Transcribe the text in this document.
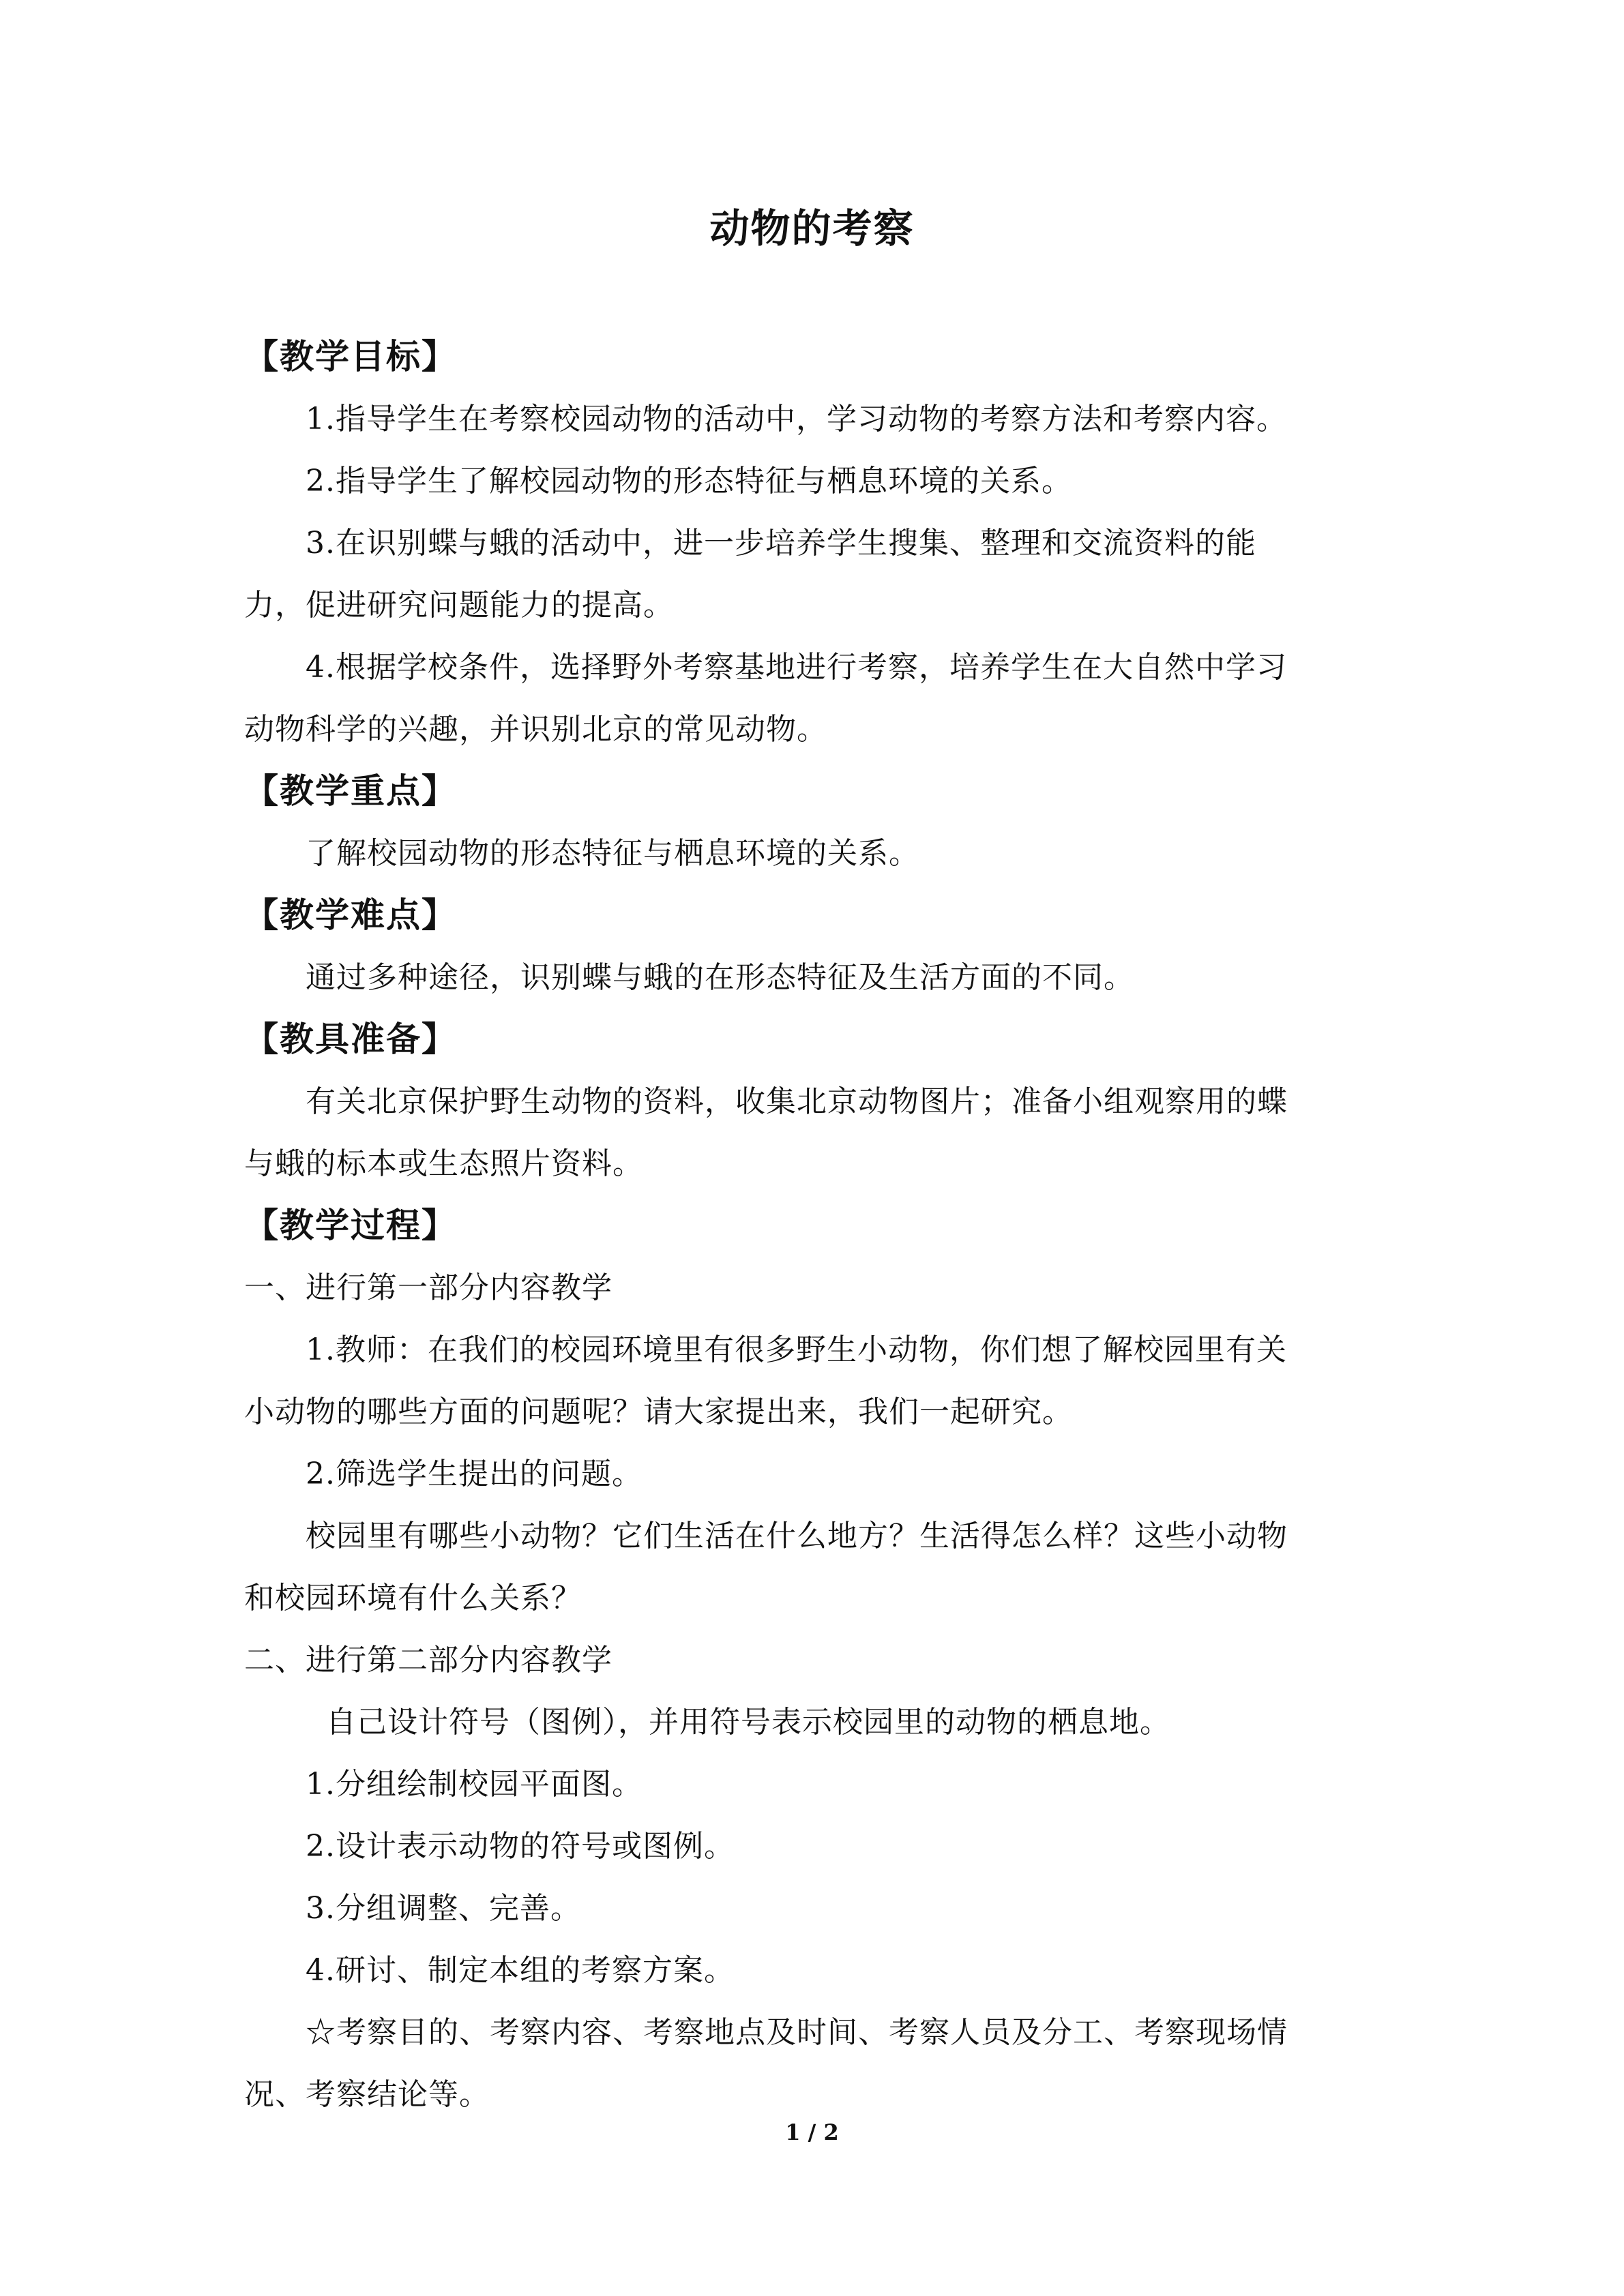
动物的考察
【教学目标】
1.指导学生在考察校园动物的活动中，学习动物的考察方法和考察内容。
2.指导学生了解校园动物的形态特征与栖息环境的关系。
3.在识别蝶与蛾的活动中，进一步培养学生搜集、整理和交流资料的能
力，促进研究问题能力的提高。
4.根据学校条件，选择野外考察基地进行考察，培养学生在大自然中学习
动物科学的兴趣，并识别北京的常见动物。
【教学重点】
了解校园动物的形态特征与栖息环境的关系。
【教学难点】
通过多种途径，识别蝶与蛾的在形态特征及生活方面的不同。
【教具准备】
有关北京保护野生动物的资料，收集北京动物图片；准备小组观察用的蝶
与蛾的标本或生态照片资料。
【教学过程】
一、进行第一部分内容教学
1.教师：在我们的校园环境里有很多野生小动物，你们想了解校园里有关
小动物的哪些方面的问题呢？请大家提出来，我们一起研究。
2.筛选学生提出的问题。
校园里有哪些小动物？它们生活在什么地方？生活得怎么样？这些小动物
和校园环境有什么关系？
二、进行第二部分内容教学
自己设计符号（图例），并用符号表示校园里的动物的栖息地。
1.分组绘制校园平面图。
2.设计表示动物的符号或图例。
3.分组调整、完善。
4.研讨、制定本组的考察方案。
☆考察目的、考察内容、考察地点及时间、考察人员及分工、考察现场情
况、考察结论等。
1 / 2
